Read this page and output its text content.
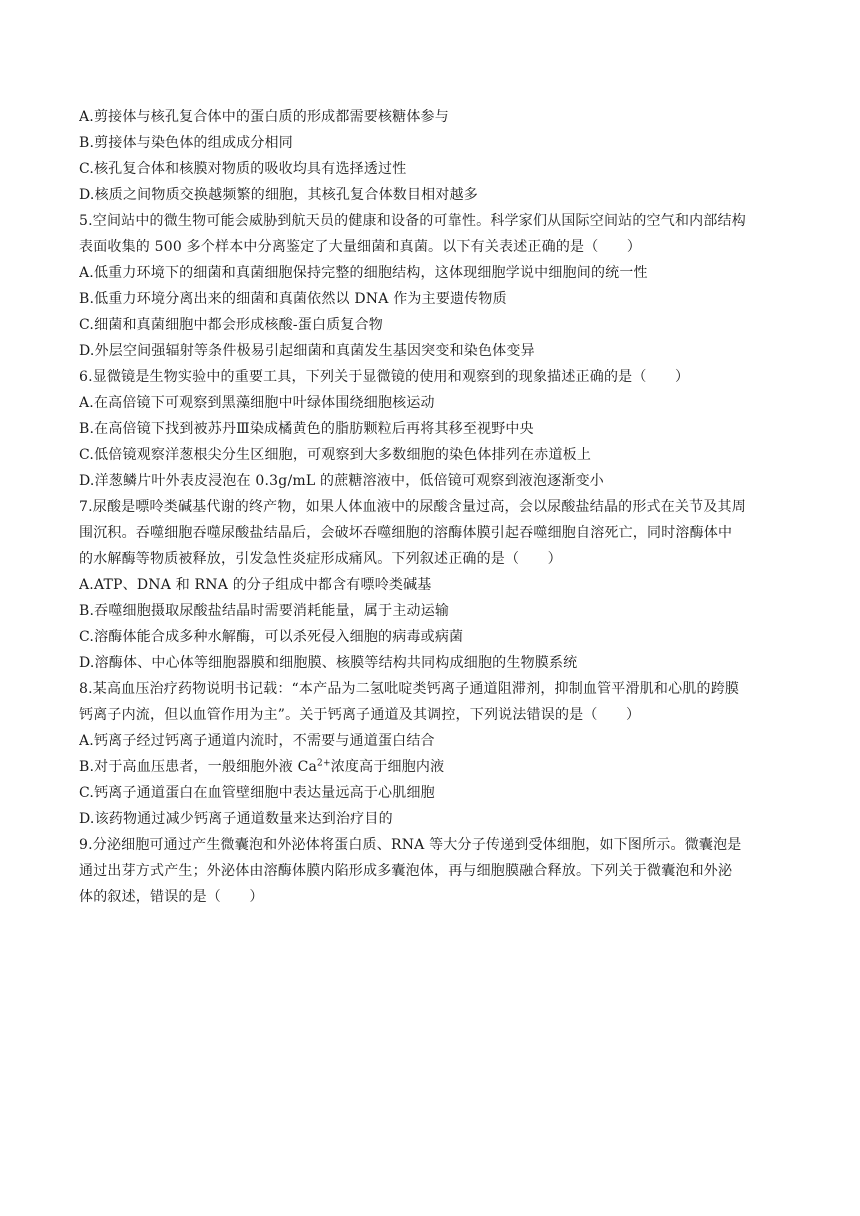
A.剪接体与核孔复合体中的蛋白质的形成都需要核糖体参与
B.剪接体与染色体的组成成分相同
C.核孔复合体和核膜对物质的吸收均具有选择透过性
D.核质之间物质交换越频繁的细胞，其核孔复合体数目相对越多
5.空间站中的微生物可能会威胁到航天员的健康和设备的可靠性。科学家们从国际空间站的空气和内部结构
表面收集的 500 多个样本中分离鉴定了大量细菌和真菌。以下有关表述正确的是（　　）
A.低重力环境下的细菌和真菌细胞保持完整的细胞结构，这体现细胞学说中细胞间的统一性
B.低重力环境分离出来的细菌和真菌依然以 DNA 作为主要遗传物质
C.细菌和真菌细胞中都会形成核酸-蛋白质复合物
D.外层空间强辐射等条件极易引起细菌和真菌发生基因突变和染色体变异
6.显微镜是生物实验中的重要工具，下列关于显微镜的使用和观察到的现象描述正确的是（　　）
A.在高倍镜下可观察到黑藻细胞中叶绿体围绕细胞核运动
B.在高倍镜下找到被苏丹Ⅲ染成橘黄色的脂肪颗粒后再将其移至视野中央
C.低倍镜观察洋葱根尖分生区细胞，可观察到大多数细胞的染色体排列在赤道板上
D.洋葱鳞片叶外表皮浸泡在 0.3g/mL 的蔗糖溶液中，低倍镜可观察到液泡逐渐变小
7.尿酸是嘌呤类碱基代谢的终产物，如果人体血液中的尿酸含量过高，会以尿酸盐结晶的形式在关节及其周
围沉积。吞噬细胞吞噬尿酸盐结晶后，会破坏吞噬细胞的溶酶体膜引起吞噬细胞自溶死亡，同时溶酶体中
的水解酶等物质被释放，引发急性炎症形成痛风。下列叙述正确的是（　　）
A.ATP、DNA 和 RNA 的分子组成中都含有嘌呤类碱基
B.吞噬细胞摄取尿酸盐结晶时需要消耗能量，属于主动运输
C.溶酶体能合成多种水解酶，可以杀死侵入细胞的病毒或病菌
D.溶酶体、中心体等细胞器膜和细胞膜、核膜等结构共同构成细胞的生物膜系统
8.某高血压治疗药物说明书记载：“本产品为二氢吡啶类钙离子通道阻滞剂，抑制血管平滑肌和心肌的跨膜
钙离子内流，但以血管作用为主”。关于钙离子通道及其调控，下列说法错误的是（　　）
A.钙离子经过钙离子通道内流时，不需要与通道蛋白结合
B.对于高血压患者，一般细胞外液 $Ca^{2+}$浓度高于细胞内液
C.钙离子通道蛋白在血管壁细胞中表达量远高于心肌细胞
D.该药物通过减少钙离子通道数量来达到治疗目的
9.分泌细胞可通过产生微囊泡和外泌体将蛋白质、RNA 等大分子传递到受体细胞，如下图所示。微囊泡是
通过出芽方式产生；外泌体由溶酶体膜内陷形成多囊泡体，再与细胞膜融合释放。下列关于微囊泡和外泌
体的叙述，错误的是（　　）
